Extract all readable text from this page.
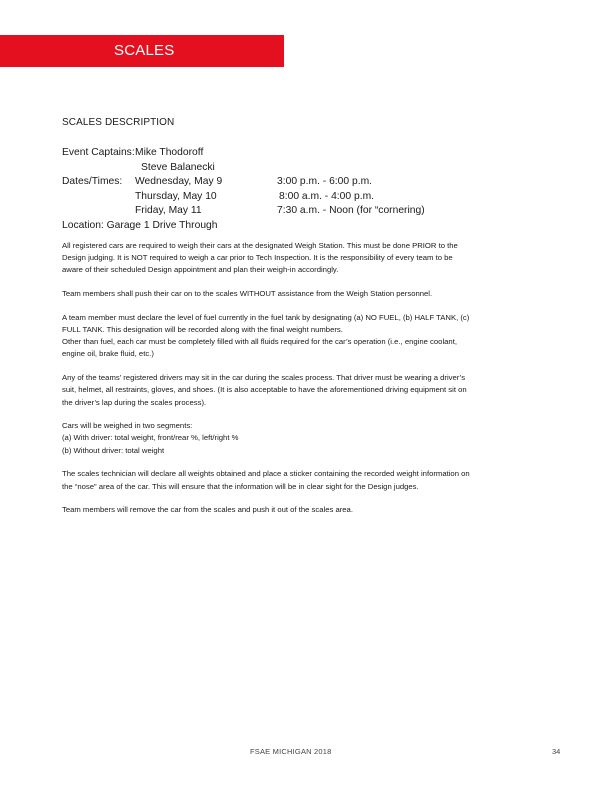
SCALES
SCALES DESCRIPTION
Event Captains: Mike Thodoroff
Steve Balanecki
Dates/Times: Wednesday, May 9	3:00 p.m. - 6:00 p.m.
Thursday, May 10	8:00 a.m. - 4:00 p.m.
Friday, May 11	7:30 a.m. - Noon (for “cornering)
Location: Garage 1 Drive Through

All registered cars are required to weigh their cars at the designated Weigh Station. This must be done PRIOR to the
Design judging. It is NOT required to weigh a car prior to Tech Inspection. It is the responsibility of every team to be
aware of their scheduled Design appointment and plan their weigh-in accordingly.

Team members shall push their car on to the scales WITHOUT assistance from the Weigh Station personnel.

A team member must declare the level of fuel currently in the fuel tank by designating (a) NO FUEL, (b) HALF TANK, (c)
FULL TANK. This designation will be recorded along with the final weight numbers.
Other than fuel, each car must be completely filled with all fluids required for the car’s operation (i.e., engine coolant,
engine oil, brake fluid, etc.)

Any of the teams’ registered drivers may sit in the car during the scales process. That driver must be wearing a driver’s
suit, helmet, all restraints, gloves, and shoes. (It is also acceptable to have the aforementioned driving equipment sit on
the driver’s lap during the scales process).

Cars will be weighed in two segments:
(a) With driver: total weight, front/rear %, left/right %
(b) Without driver: total weight

The scales technician will declare all weights obtained and place a sticker containing the recorded weight information on
the “nose” area of the car. This will ensure that the information will be in clear sight for the Design judges.

Team members will remove the car from the scales and push it out of the scales area.

FSAE MICHIGAN 2018	34
